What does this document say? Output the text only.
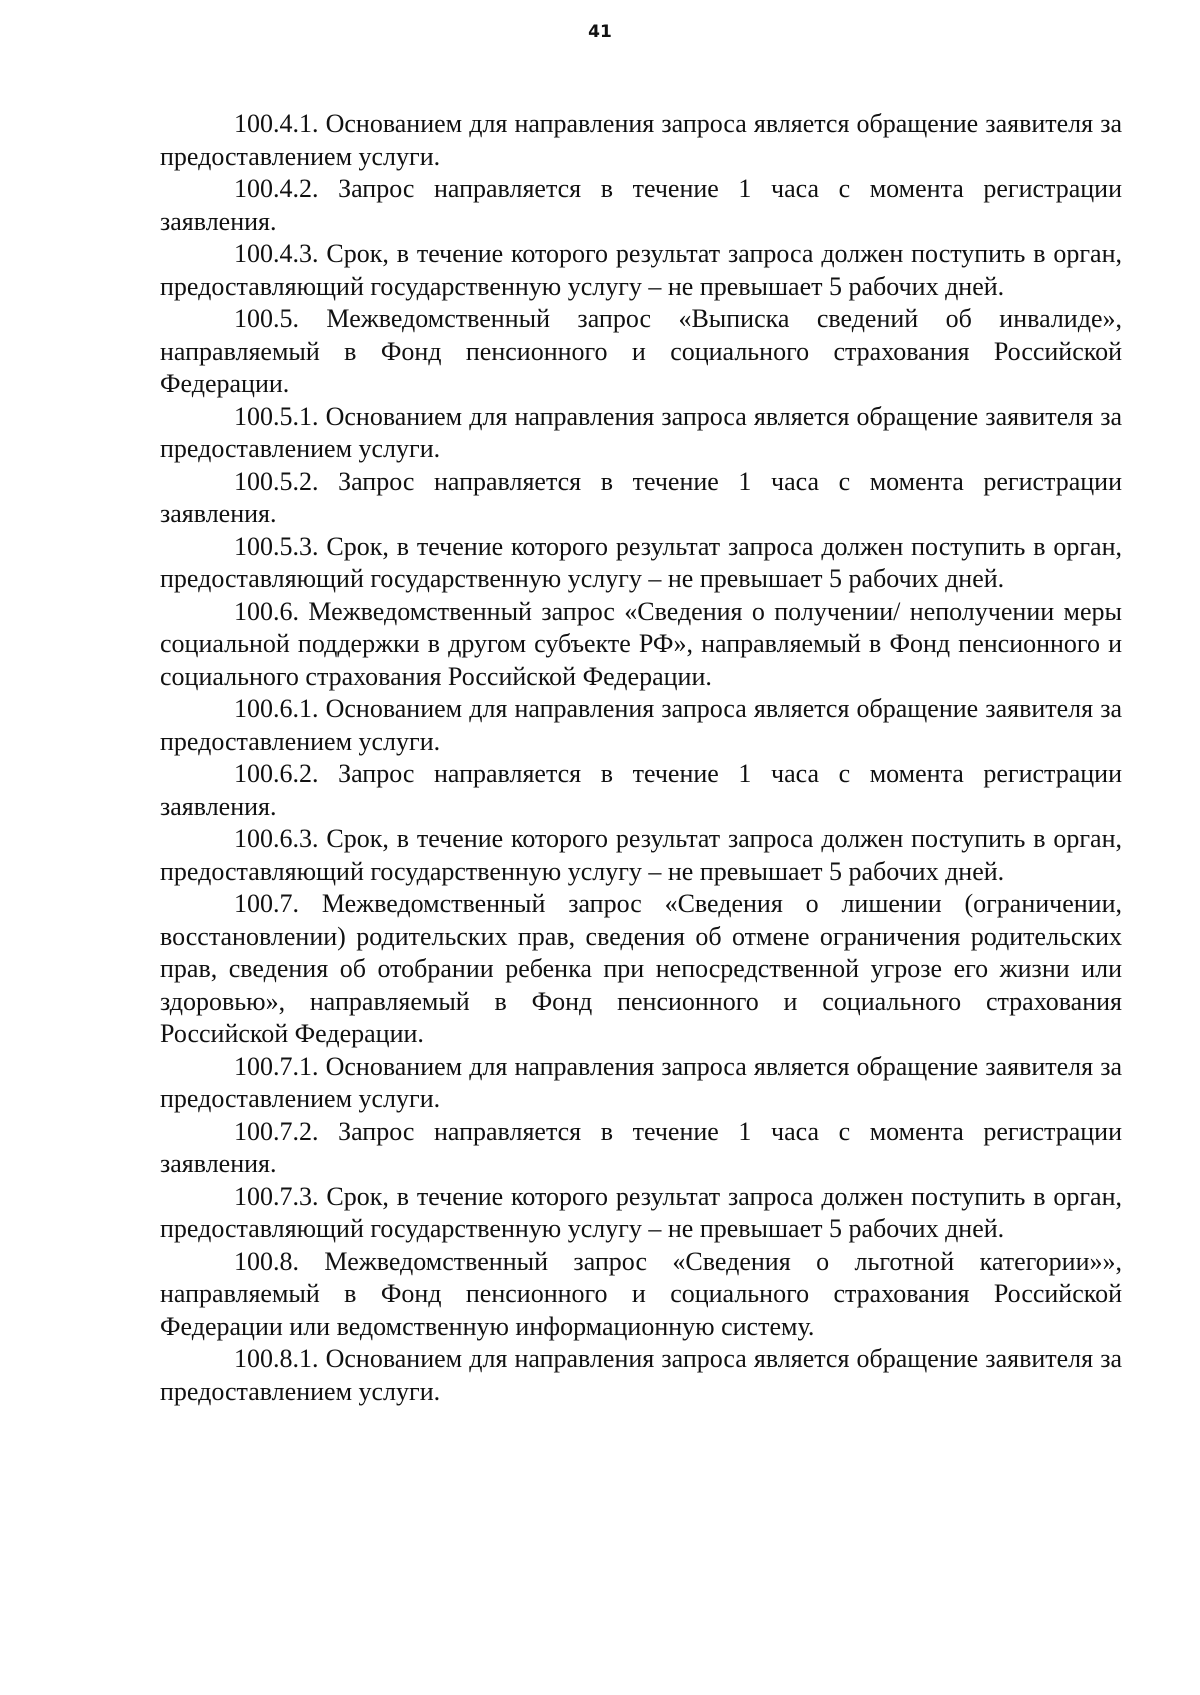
41

100.4.1. Основанием для направления запроса является обращение заявителя за предоставлением услуги.

100.4.2. Запрос направляется в течение 1 часа с момента регистрации заявления.

100.4.3. Срок, в течение которого результат запроса должен поступить в орган, предоставляющий государственную услугу – не превышает 5 рабочих дней.

100.5. Межведомственный запрос «Выписка сведений об инвалиде», направляемый в Фонд пенсионного и социального страхования Российской Федерации.

100.5.1. Основанием для направления запроса является обращение заявителя за предоставлением услуги.

100.5.2. Запрос направляется в течение 1 часа с момента регистрации заявления.

100.5.3. Срок, в течение которого результат запроса должен поступить в орган, предоставляющий государственную услугу – не превышает 5 рабочих дней.

100.6. Межведомственный запрос «Сведения о получении/ неполучении меры социальной поддержки в другом субъекте РФ», направляемый в Фонд пенсионного и социального страхования Российской Федерации.

100.6.1. Основанием для направления запроса является обращение заявителя за предоставлением услуги.

100.6.2. Запрос направляется в течение 1 часа с момента регистрации заявления.

100.6.3. Срок, в течение которого результат запроса должен поступить в орган, предоставляющий государственную услугу – не превышает 5 рабочих дней.

100.7. Межведомственный запрос «Сведения о лишении (ограничении, восстановлении) родительских прав, сведения об отмене ограничения родительских прав, сведения об отобрании ребенка при непосредственной угрозе его жизни или здоровью», направляемый в Фонд пенсионного и социального страхования Российской Федерации.

100.7.1. Основанием для направления запроса является обращение заявителя за предоставлением услуги.

100.7.2. Запрос направляется в течение 1 часа с момента регистрации заявления.

100.7.3. Срок, в течение которого результат запроса должен поступить в орган, предоставляющий государственную услугу – не превышает 5 рабочих дней.

100.8. Межведомственный запрос «Сведения о льготной категории»», направляемый в Фонд пенсионного и социального страхования Российской Федерации или ведомственную информационную систему.

100.8.1. Основанием для направления запроса является обращение заявителя за предоставлением услуги.
